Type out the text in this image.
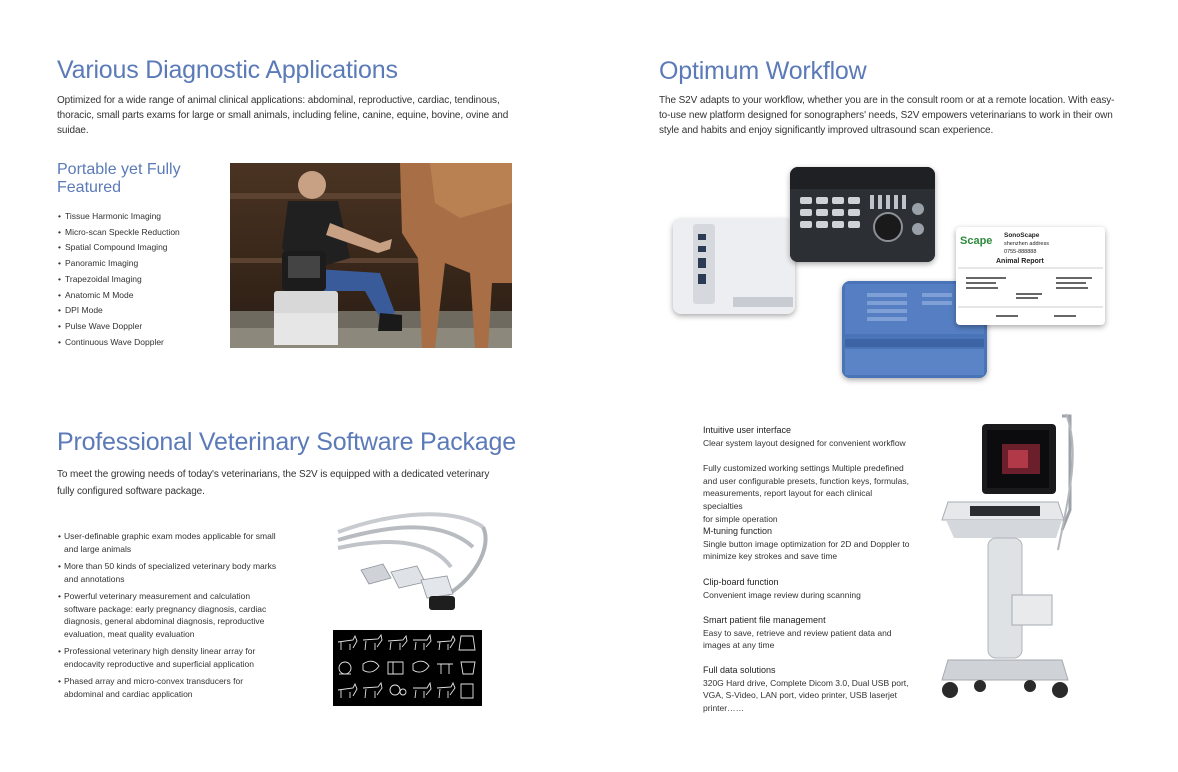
Various Diagnostic Applications
Optimized for a wide range of animal clinical applications: abdominal, reproductive, cardiac, tendinous,
thoracic, small parts exams for large or small animals, including feline, canine, equine, bovine, ovine and
suidae.
Portable yet Fully
Featured
• Tissue Harmonic Imaging
• Micro-scan Speckle Reduction
• Spatial Compound Imaging
• Panoramic Imaging
• Trapezoidal Imaging
• Anatomic M Mode
• DPI Mode
• Pulse Wave Doppler
• Continuous Wave Doppler
Optimum Workflow
The S2V adapts to your workflow, whether you are in the consult room or at a remote location. With easy-
to-use new platform designed for sonographers' needs, S2V empowers veterinarians to work in their own
style and habits and enjoy significantly improved ultrasound scan experience.
Scape SonoScape
shenzhen address
0755-888888
Animal Report
Professional Veterinary Software Package
To meet the growing needs of today's veterinarians, the S2V is equipped with a dedicated veterinary
fully configured software package.
• User-definable graphic exam modes applicable for small and large animals
• More than 50 kinds of specialized veterinary body marks and annotations
• Powerful veterinary measurement and calculation software package: early pregnancy diagnosis, cardiac diagnosis, general abdominal diagnosis, reproductive evaluation, meat quality evaluation
• Professional veterinary high density linear array for endocavity reproductive and superficial application
• Phased array and micro-convex transducers for abdominal and cardiac application
Intuitive user interface
Clear system layout designed for convenient workflow
Fully customized working settings Multiple predefined and user configurable presets, function keys, formulas, measurements, report layout for each clinical specialties
for simple operation
M-tuning function
Single button image optimization for 2D and Doppler to minimize key strokes and save time
Clip-board function
Convenient image review during scanning
Smart patient file management
Easy to save, retrieve and review patient data and images at any time
Full data solutions
320G Hard drive, Complete Dicom 3.0, Dual USB port, VGA, S-Video, LAN port, video printer, USB laserjet printer……
